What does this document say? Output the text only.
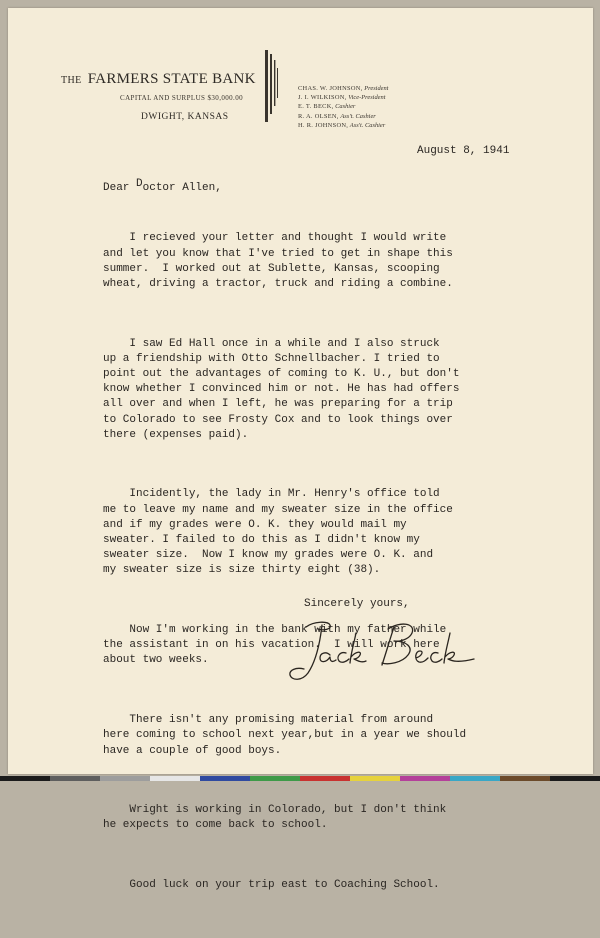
THE FARMERS STATE BANK
CAPITAL AND SURPLUS $30,000.00
DWIGHT, KANSAS
CHAS. W. JOHNSON, President
J. I. WILKISON, Vice-President
E. T. BECK, Cashier
R. A. OLSEN, Ass't. Cashier
H. R. JOHNSON, Ass't. Cashier
August 8, 1941
Dear Doctor Allen,

I recieved your letter and thought I would write
and let you know that I've tried to get in shape this
summer.  I worked out at Sublette, Kansas, scooping
wheat, driving a tractor, truck and riding a combine.

I saw Ed Hall once in a while and I also struck
up a friendship with Otto Schnellbacher. I tried to
point out the advantages of coming to K. U., but don't
know whether I convinced him or not. He has had offers
all over and when I left, he was preparing for a trip
to Colorado to see Frosty Cox and to look things over
there (expenses paid).

Incidently, the lady in Mr. Henry's office told
me to leave my name and my sweater size in the office
and if my grades were O. K. they would mail my
sweater. I failed to do this as I didn't know my
sweater size.  Now I know my grades were O. K. and
my sweater size is size thirty eight (38).

Now I'm working in the bank with my father while
the assistant in on his vacation.  I will work here
about two weeks.

There isn't any promising material from around
here coming to school next year,but in a year we should
have a couple of good boys.

Wright is working in Colorado, but I don't think
he expects to come back to school.

Good luck on your trip east to Coaching School.

Sincerely yours,
